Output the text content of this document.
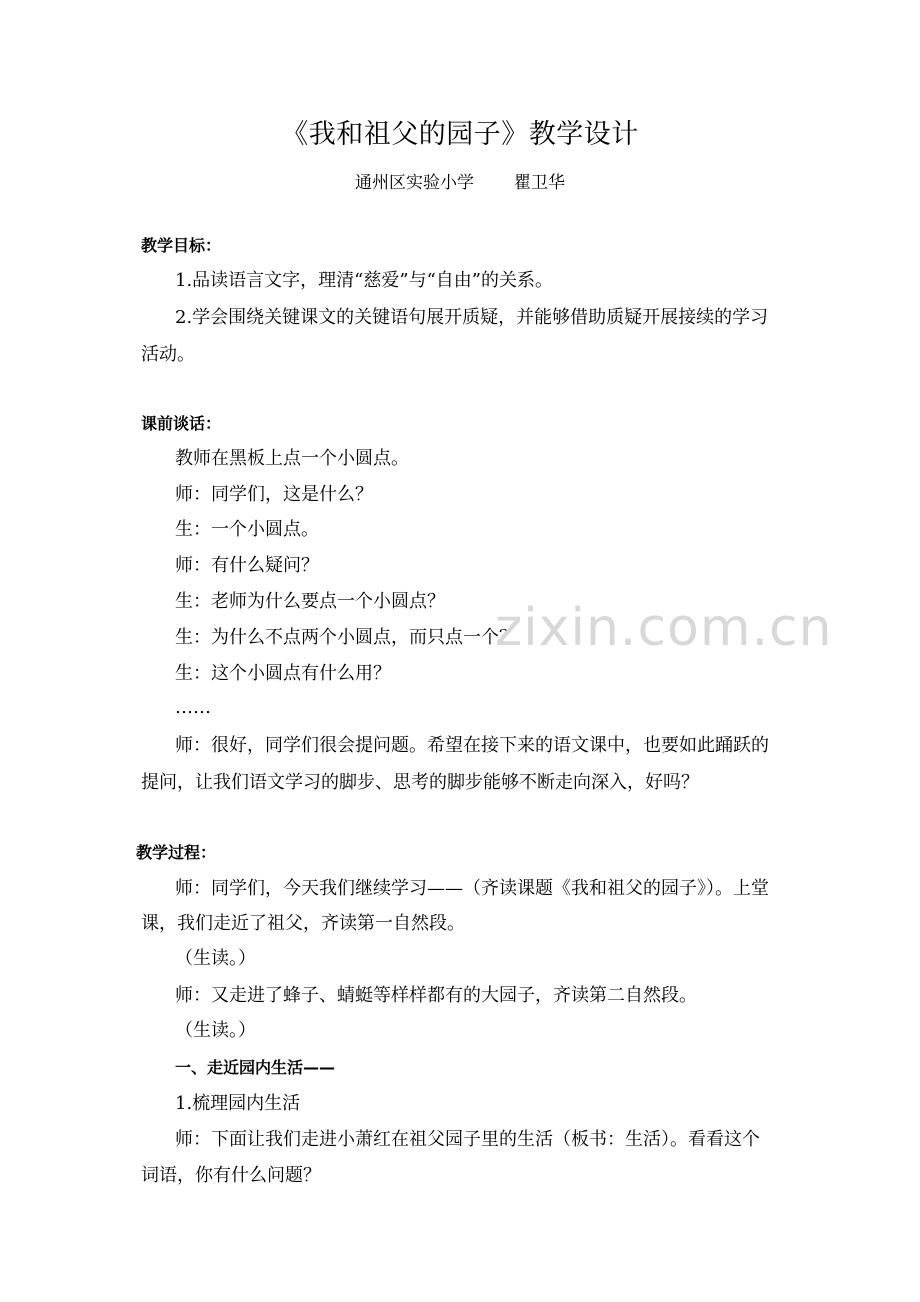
《我和祖父的园子》教学设计
通州区实验小学 瞿卫华
教学目标：
1.品读语言文字，理清“慈爱”与“自由”的关系。
2.学会围绕关键课文的关键语句展开质疑，并能够借助质疑开展接续的学习
活动。
课前谈话：
教师在黑板上点一个小圆点。
师：同学们，这是什么？
生：一个小圆点。
师：有什么疑问？
生：老师为什么要点一个小圆点？
生：为什么不点两个小圆点，而只点一个？
生：这个小圆点有什么用？
……
师：很好，同学们很会提问题。希望在接下来的语文课中，也要如此踊跃的
提问，让我们语文学习的脚步、思考的脚步能够不断走向深入，好吗？
教学过程：
师：同学们，今天我们继续学习——（齐读课题《我和祖父的园子》）。上堂
课，我们走近了祖父，齐读第一自然段。
（生读。）
师：又走进了蜂子、蜻蜓等样样都有的大园子，齐读第二自然段。
（生读。）
一、走近园内生活——
1.梳理园内生活
师：下面让我们走进小萧红在祖父园子里的生活（板书：生活）。看看这个
词语，你有什么问题？
zixin.com.cn
